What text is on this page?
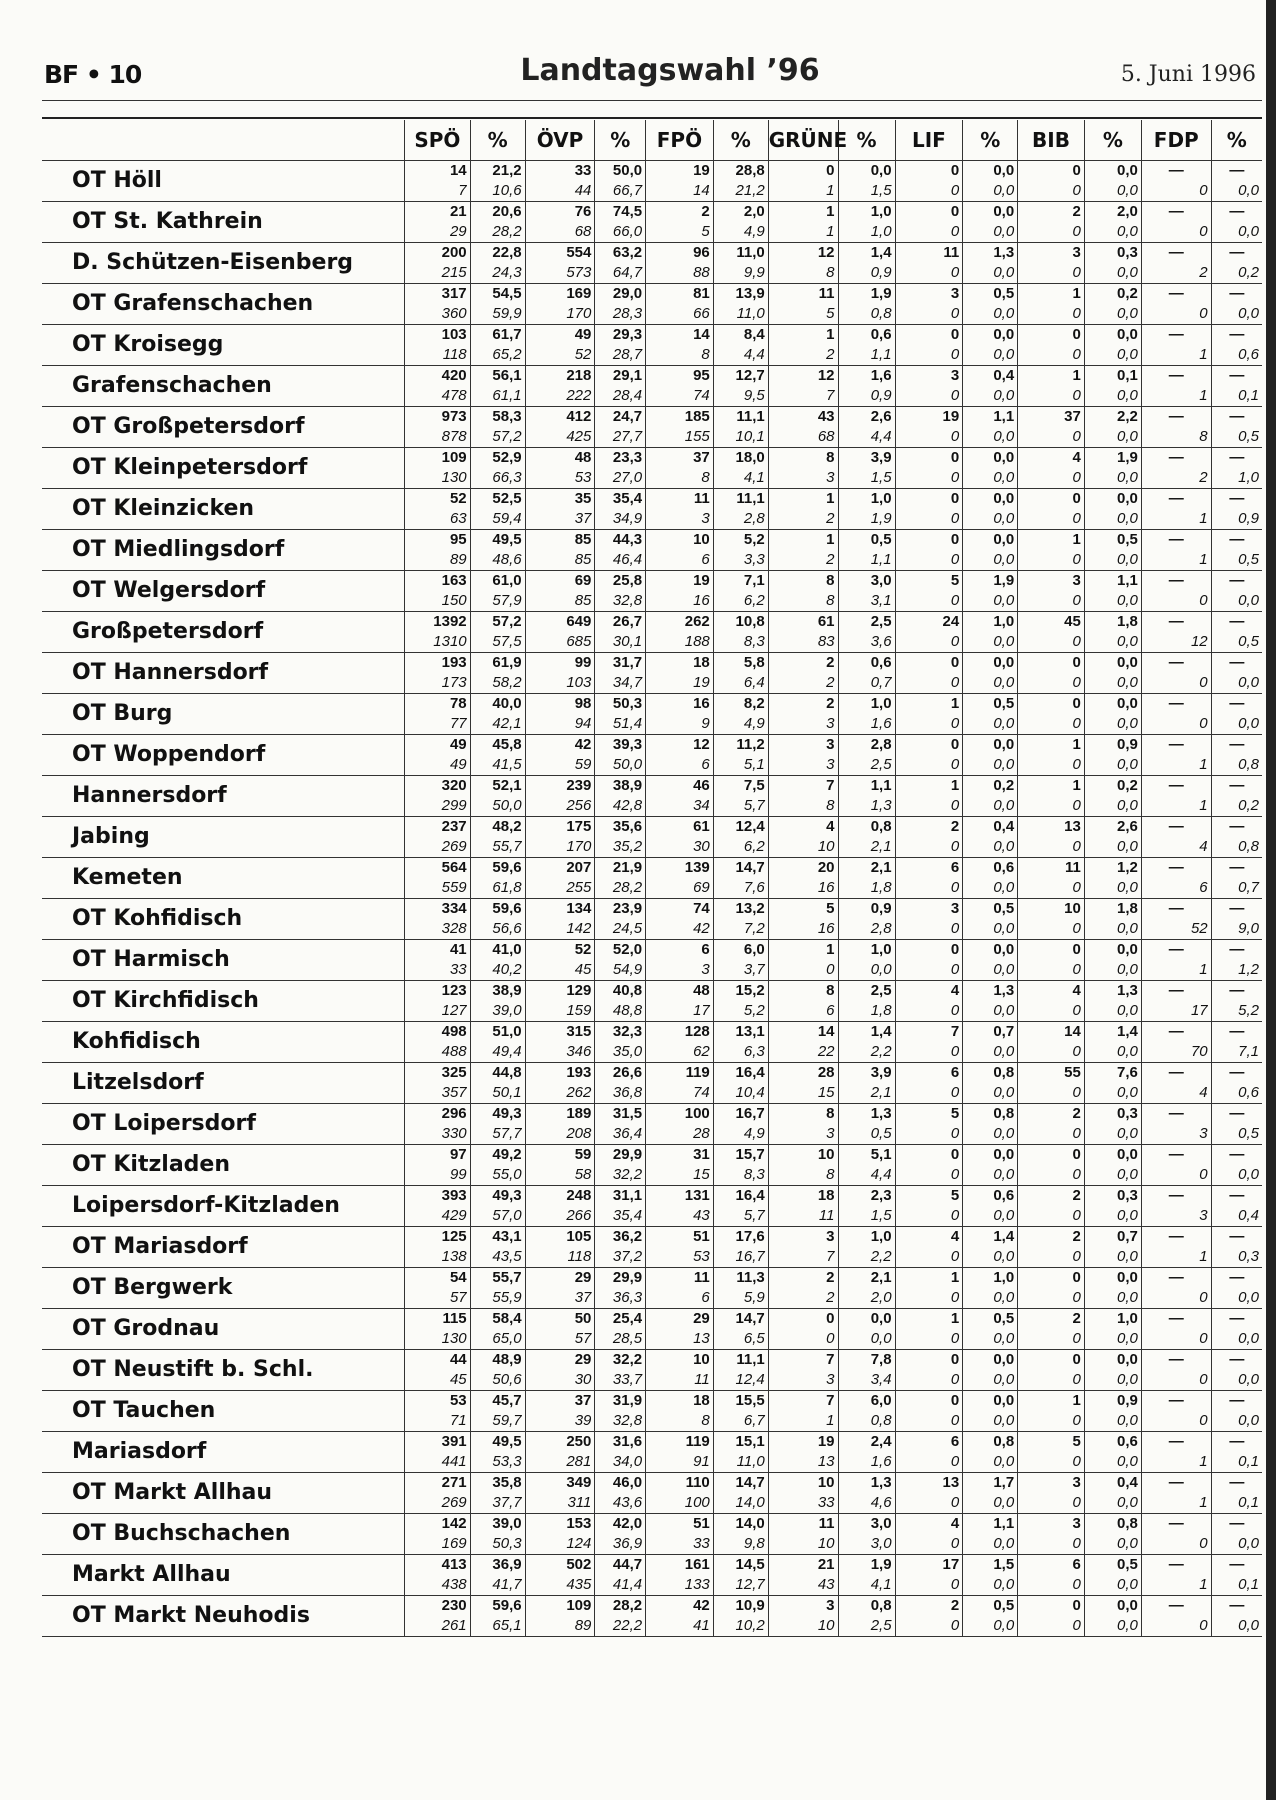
BF • 10	Landtagswahl ’96	5. Juni 1996
	SPÖ	%	ÖVP	%	FPÖ	%	GRÜNE	%	LIF	%	BIB	%	FDP	%
OT Höll	14	21,2	33	50,0	19	28,8	0	0,0	0	0,0	0	0,0	—	—
	7	10,6	44	66,7	14	21,2	1	1,5	0	0,0	0	0,0	0	0,0
OT St. Kathrein	21	20,6	76	74,5	2	2,0	1	1,0	0	0,0	2	2,0	—	—
	29	28,2	68	66,0	5	4,9	1	1,0	0	0,0	0	0,0	0	0,0
D. Schützen-Eisenberg	200	22,8	554	63,2	96	11,0	12	1,4	11	1,3	3	0,3	—	—
	215	24,3	573	64,7	88	9,9	8	0,9	0	0,0	0	0,0	2	0,2
OT Grafenschachen	317	54,5	169	29,0	81	13,9	11	1,9	3	0,5	1	0,2	—	—
	360	59,9	170	28,3	66	11,0	5	0,8	0	0,0	0	0,0	0	0,0
OT Kroisegg	103	61,7	49	29,3	14	8,4	1	0,6	0	0,0	0	0,0	—	—
	118	65,2	52	28,7	8	4,4	2	1,1	0	0,0	0	0,0	1	0,6
Grafenschachen	420	56,1	218	29,1	95	12,7	12	1,6	3	0,4	1	0,1	—	—
	478	61,1	222	28,4	74	9,5	7	0,9	0	0,0	0	0,0	1	0,1
OT Großpetersdorf	973	58,3	412	24,7	185	11,1	43	2,6	19	1,1	37	2,2	—	—
	878	57,2	425	27,7	155	10,1	68	4,4	0	0,0	0	0,0	8	0,5
OT Kleinpetersdorf	109	52,9	48	23,3	37	18,0	8	3,9	0	0,0	4	1,9	—	—
	130	66,3	53	27,0	8	4,1	3	1,5	0	0,0	0	0,0	2	1,0
OT Kleinzicken	52	52,5	35	35,4	11	11,1	1	1,0	0	0,0	0	0,0	—	—
	63	59,4	37	34,9	3	2,8	2	1,9	0	0,0	0	0,0	1	0,9
OT Miedlingsdorf	95	49,5	85	44,3	10	5,2	1	0,5	0	0,0	1	0,5	—	—
	89	48,6	85	46,4	6	3,3	2	1,1	0	0,0	0	0,0	1	0,5
OT Welgersdorf	163	61,0	69	25,8	19	7,1	8	3,0	5	1,9	3	1,1	—	—
	150	57,9	85	32,8	16	6,2	8	3,1	0	0,0	0	0,0	0	0,0
Großpetersdorf	1392	57,2	649	26,7	262	10,8	61	2,5	24	1,0	45	1,8	—	—
	1310	57,5	685	30,1	188	8,3	83	3,6	0	0,0	0	0,0	12	0,5
OT Hannersdorf	193	61,9	99	31,7	18	5,8	2	0,6	0	0,0	0	0,0	—	—
	173	58,2	103	34,7	19	6,4	2	0,7	0	0,0	0	0,0	0	0,0
OT Burg	78	40,0	98	50,3	16	8,2	2	1,0	1	0,5	0	0,0	—	—
	77	42,1	94	51,4	9	4,9	3	1,6	0	0,0	0	0,0	0	0,0
OT Woppendorf	49	45,8	42	39,3	12	11,2	3	2,8	0	0,0	1	0,9	—	—
	49	41,5	59	50,0	6	5,1	3	2,5	0	0,0	0	0,0	1	0,8
Hannersdorf	320	52,1	239	38,9	46	7,5	7	1,1	1	0,2	1	0,2	—	—
	299	50,0	256	42,8	34	5,7	8	1,3	0	0,0	0	0,0	1	0,2
Jabing	237	48,2	175	35,6	61	12,4	4	0,8	2	0,4	13	2,6	—	—
	269	55,7	170	35,2	30	6,2	10	2,1	0	0,0	0	0,0	4	0,8
Kemeten	564	59,6	207	21,9	139	14,7	20	2,1	6	0,6	11	1,2	—	—
	559	61,8	255	28,2	69	7,6	16	1,8	0	0,0	0	0,0	6	0,7
OT Kohfidisch	334	59,6	134	23,9	74	13,2	5	0,9	3	0,5	10	1,8	—	—
	328	56,6	142	24,5	42	7,2	16	2,8	0	0,0	0	0,0	52	9,0
OT Harmisch	41	41,0	52	52,0	6	6,0	1	1,0	0	0,0	0	0,0	—	—
	33	40,2	45	54,9	3	3,7	0	0,0	0	0,0	0	0,0	1	1,2
OT Kirchfidisch	123	38,9	129	40,8	48	15,2	8	2,5	4	1,3	4	1,3	—	—
	127	39,0	159	48,8	17	5,2	6	1,8	0	0,0	0	0,0	17	5,2
Kohfidisch	498	51,0	315	32,3	128	13,1	14	1,4	7	0,7	14	1,4	—	—
	488	49,4	346	35,0	62	6,3	22	2,2	0	0,0	0	0,0	70	7,1
Litzelsdorf	325	44,8	193	26,6	119	16,4	28	3,9	6	0,8	55	7,6	—	—
	357	50,1	262	36,8	74	10,4	15	2,1	0	0,0	0	0,0	4	0,6
OT Loipersdorf	296	49,3	189	31,5	100	16,7	8	1,3	5	0,8	2	0,3	—	—
	330	57,7	208	36,4	28	4,9	3	0,5	0	0,0	0	0,0	3	0,5
OT Kitzladen	97	49,2	59	29,9	31	15,7	10	5,1	0	0,0	0	0,0	—	—
	99	55,0	58	32,2	15	8,3	8	4,4	0	0,0	0	0,0	0	0,0
Loipersdorf-Kitzladen	393	49,3	248	31,1	131	16,4	18	2,3	5	0,6	2	0,3	—	—
	429	57,0	266	35,4	43	5,7	11	1,5	0	0,0	0	0,0	3	0,4
OT Mariasdorf	125	43,1	105	36,2	51	17,6	3	1,0	4	1,4	2	0,7	—	—
	138	43,5	118	37,2	53	16,7	7	2,2	0	0,0	0	0,0	1	0,3
OT Bergwerk	54	55,7	29	29,9	11	11,3	2	2,1	1	1,0	0	0,0	—	—
	57	55,9	37	36,3	6	5,9	2	2,0	0	0,0	0	0,0	0	0,0
OT Grodnau	115	58,4	50	25,4	29	14,7	0	0,0	1	0,5	2	1,0	—	—
	130	65,0	57	28,5	13	6,5	0	0,0	0	0,0	0	0,0	0	0,0
OT Neustift b. Schl.	44	48,9	29	32,2	10	11,1	7	7,8	0	0,0	0	0,0	—	—
	45	50,6	30	33,7	11	12,4	3	3,4	0	0,0	0	0,0	0	0,0
OT Tauchen	53	45,7	37	31,9	18	15,5	7	6,0	0	0,0	1	0,9	—	—
	71	59,7	39	32,8	8	6,7	1	0,8	0	0,0	0	0,0	0	0,0
Mariasdorf	391	49,5	250	31,6	119	15,1	19	2,4	6	0,8	5	0,6	—	—
	441	53,3	281	34,0	91	11,0	13	1,6	0	0,0	0	0,0	1	0,1
OT Markt Allhau	271	35,8	349	46,0	110	14,7	10	1,3	13	1,7	3	0,4	—	—
	269	37,7	311	43,6	100	14,0	33	4,6	0	0,0	0	0,0	1	0,1
OT Buchschachen	142	39,0	153	42,0	51	14,0	11	3,0	4	1,1	3	0,8	—	—
	169	50,3	124	36,9	33	9,8	10	3,0	0	0,0	0	0,0	0	0,0
Markt Allhau	413	36,9	502	44,7	161	14,5	21	1,9	17	1,5	6	0,5	—	—
	438	41,7	435	41,4	133	12,7	43	4,1	0	0,0	0	0,0	1	0,1
OT Markt Neuhodis	230	59,6	109	28,2	42	10,9	3	0,8	2	0,5	0	0,0	—	—
	261	65,1	89	22,2	41	10,2	10	2,5	0	0,0	0	0,0	0	0,0
